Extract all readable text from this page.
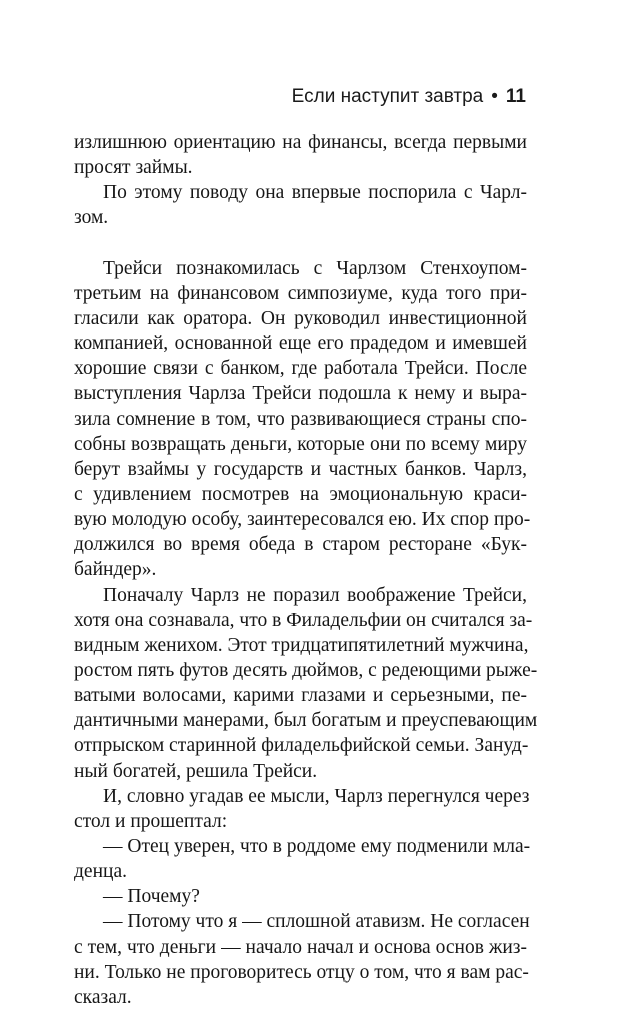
Если наступит завтра • 11
излишнюю ориентацию на финансы, всегда первыми
просят займы.
По этому поводу она впервые поспорила с Чарл-
зом.
Трейси познакомилась с Чарлзом Стенхоупом-
третьим на финансовом симпозиуме, куда того при-
гласили как оратора. Он руководил инвестиционной
компанией, основанной еще его прадедом и имевшей
хорошие связи с банком, где работала Трейси. После
выступления Чарлза Трейси подошла к нему и выра-
зила сомнение в том, что развивающиеся страны спо-
собны возвращать деньги, которые они по всему миру
берут взаймы у государств и частных банков. Чарлз,
с удивлением посмотрев на эмоциональную краси-
вую молодую особу, заинтересовался ею. Их спор про-
должился во время обеда в старом ресторане «Бук-
байндер».
Поначалу Чарлз не поразил воображение Трейси,
хотя она сознавала, что в Филадельфии он считался за-
видным женихом. Этот тридцатипятилетний мужчина,
ростом пять футов десять дюймов, с редеющими рыже-
ватыми волосами, карими глазами и серьезными, пе-
дантичными манерами, был богатым и преуспевающим
отпрыском старинной филадельфийской семьи. Зануд-
ный богатей, решила Трейси.
И, словно угадав ее мысли, Чарлз перегнулся через
стол и прошептал:
— Отец уверен, что в роддоме ему подменили мла-
денца.
— Почему?
— Потому что я — сплошной атавизм. Не согласен
с тем, что деньги — начало начал и основа основ жиз-
ни. Только не проговоритесь отцу о том, что я вам рас-
сказал.
